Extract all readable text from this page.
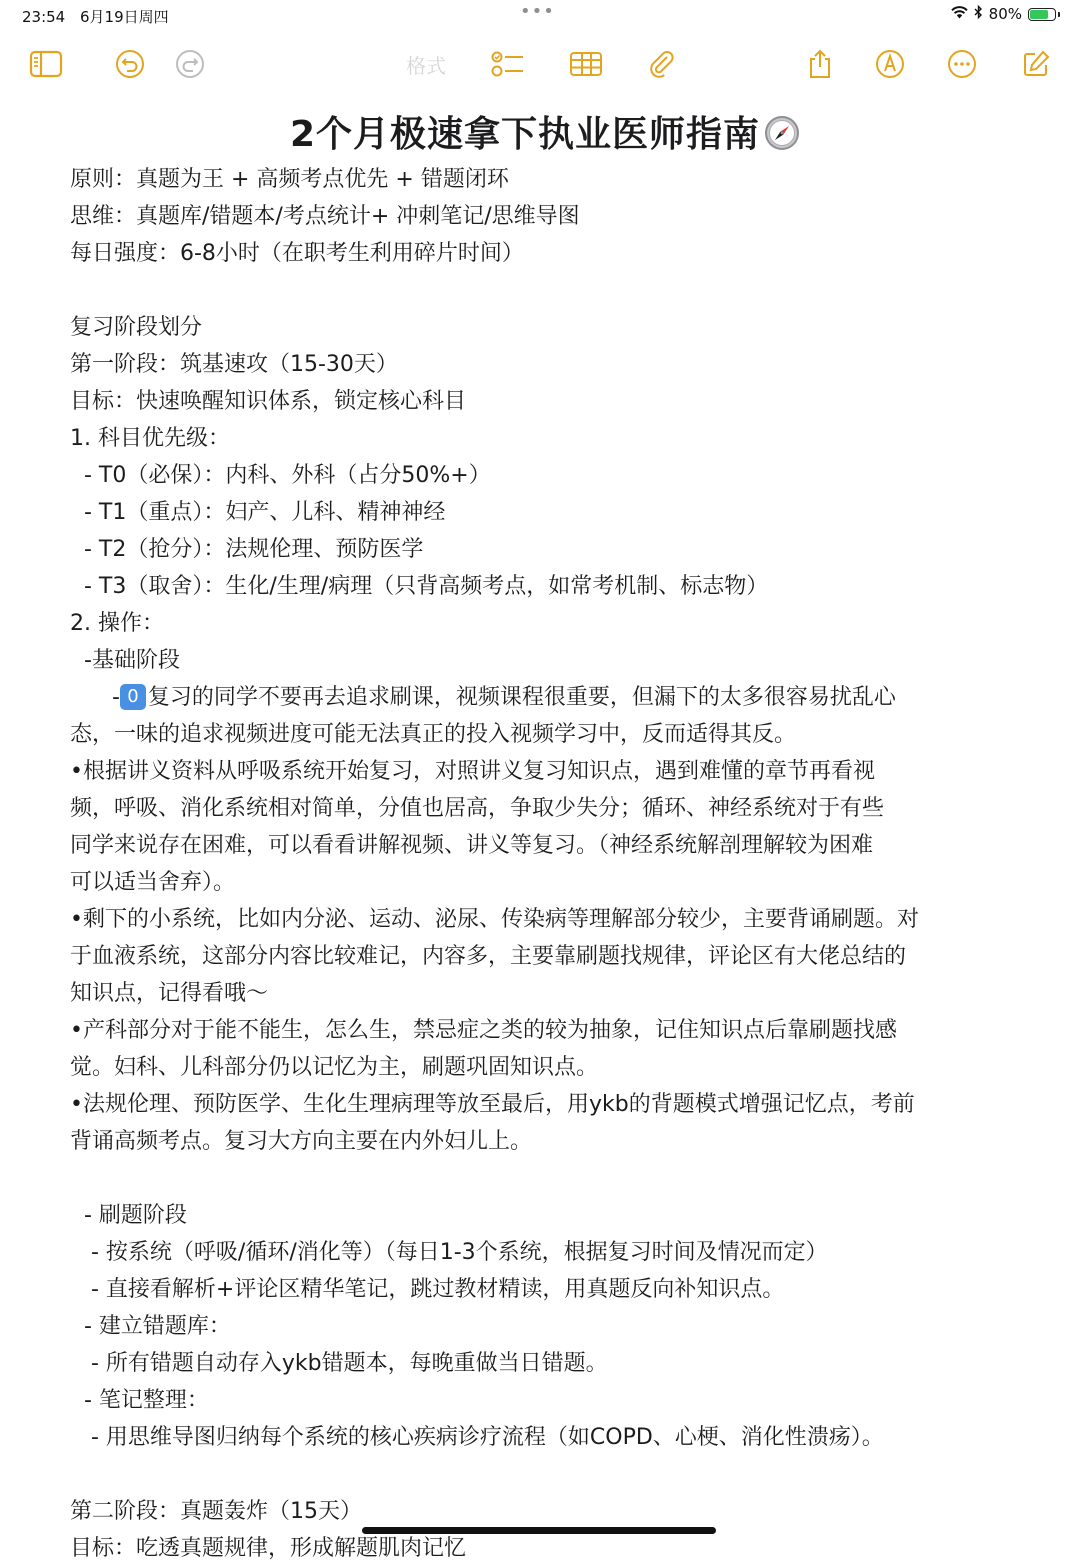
23:54 6月19日周四	•••	80%
格式
2个月极速拿下执业医师指南
原则：真题为王 + 高频考点优先 + 错题闭环
思维：真题库/错题本/考点统计+ 冲刺笔记/思维导图
每日强度：6-8小时（在职考生利用碎片时间）
复习阶段划分
第一阶段：筑基速攻（15-30天）
目标：快速唤醒知识体系，锁定核心科目
1. 科目优先级：
- T0（必保）：内科、外科（占分50%+）
- T1（重点）：妇产、儿科、精神神经
- T2（抢分）：法规伦理、预防医学
- T3（取舍）：生化/生理/病理（只背高频考点，如常考机制、标志物）
2. 操作：
-基础阶段
- 0 复习的同学不要再去追求刷课，视频课程很重要，但漏下的太多很容易扰乱心
态，一味的追求视频进度可能无法真正的投入视频学习中，反而适得其反。
•根据讲义资料从呼吸系统开始复习，对照讲义复习知识点，遇到难懂的章节再看视
频，呼吸、消化系统相对简单，分值也居高，争取少失分；循环、神经系统对于有些
同学来说存在困难，可以看看讲解视频、讲义等复习。（神经系统解剖理解较为困难
可以适当舍弃）。
•剩下的小系统，比如内分泌、运动、泌尿、传染病等理解部分较少，主要背诵刷题。对
于血液系统，这部分内容比较难记，内容多，主要靠刷题找规律，评论区有大佬总结的
知识点，记得看哦～
•产科部分对于能不能生，怎么生，禁忌症之类的较为抽象，记住知识点后靠刷题找感
觉。妇科、儿科部分仍以记忆为主，刷题巩固知识点。
•法规伦理、预防医学、生化生理病理等放至最后，用ykb的背题模式增强记忆点，考前
背诵高频考点。复习大方向主要在内外妇儿上。
- 刷题阶段
- 按系统（呼吸/循环/消化等）（每日1-3个系统，根据复习时间及情况而定）
- 直接看解析+评论区精华笔记，跳过教材精读，用真题反向补知识点。
- 建立错题库：
- 所有错题自动存入ykb错题本，每晚重做当日错题。
- 笔记整理：
- 用思维导图归纳每个系统的核心疾病诊疗流程（如COPD、心梗、消化性溃疡）。
第二阶段：真题轰炸（15天）
目标：吃透真题规律，形成解题肌肉记忆
